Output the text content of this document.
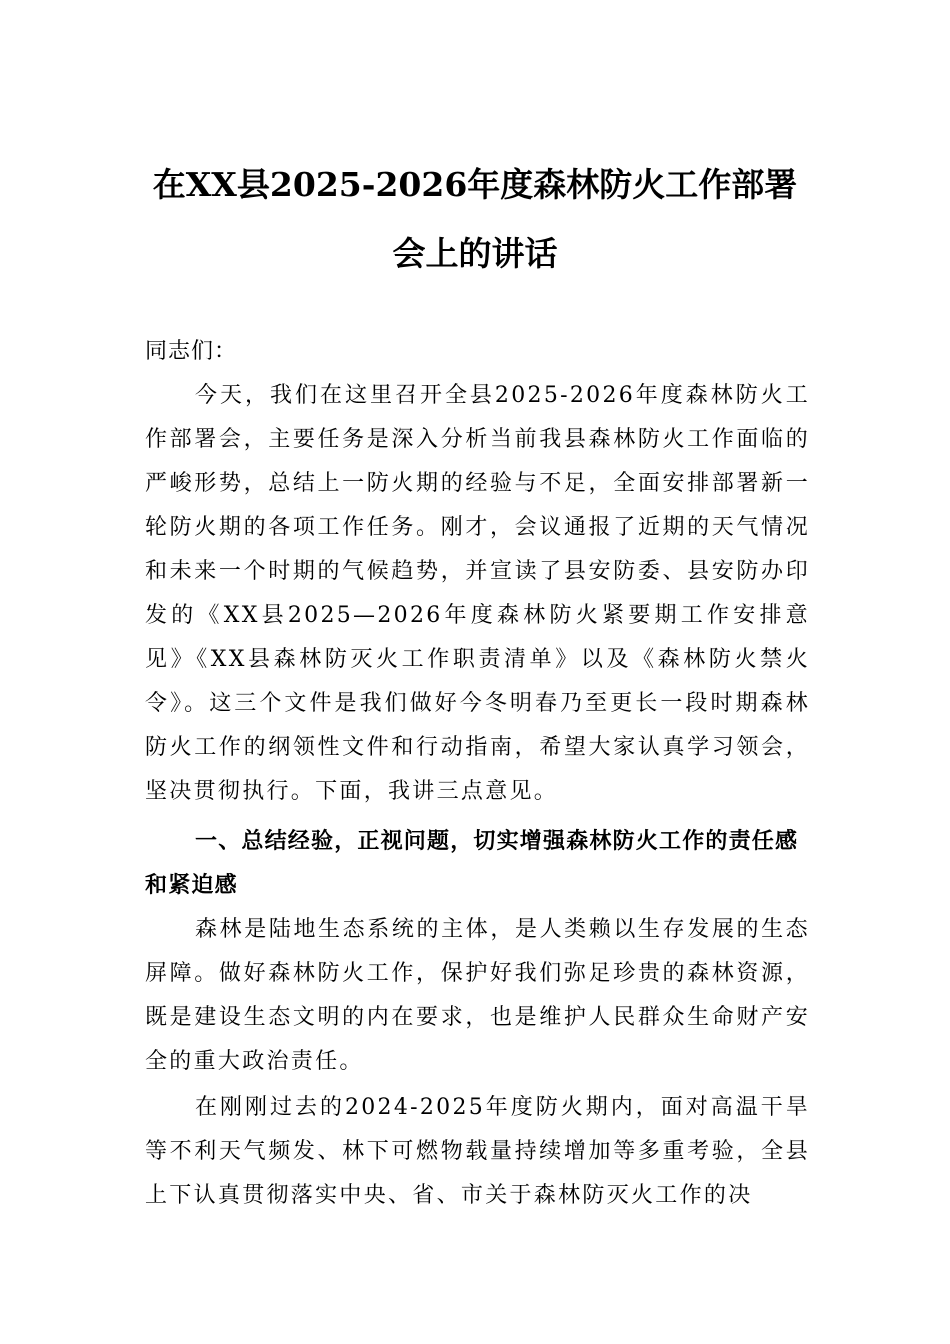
在XX县2025-2026年度森林防火工作部署
会上的讲话

同志们：

今天，我们在这里召开全县2025-2026年度森林防火工作部署会，主要任务是深入分析当前我县森林防火工作面临的严峻形势，总结上一防火期的经验与不足，全面安排部署新一轮防火期的各项工作任务。刚才，会议通报了近期的天气情况和未来一个时期的气候趋势，并宣读了县安防委、县安防办印发的《XX县2025—2026年度森林防火紧要期工作安排意见》《XX县森林防灭火工作职责清单》以及《森林防火禁火令》。这三个文件是我们做好今冬明春乃至更长一段时期森林防火工作的纲领性文件和行动指南，希望大家认真学习领会，坚决贯彻执行。下面，我讲三点意见。

一、总结经验，正视问题，切实增强森林防火工作的责任感和紧迫感

森林是陆地生态系统的主体，是人类赖以生存发展的生态屏障。做好森林防火工作，保护好我们弥足珍贵的森林资源，既是建设生态文明的内在要求，也是维护人民群众生命财产安全的重大政治责任。

在刚刚过去的2024-2025年度防火期内，面对高温干旱等不利天气频发、林下可燃物载量持续增加等多重考验，全县上下认真贯彻落实中央、省、市关于森林防灭火工作的决
